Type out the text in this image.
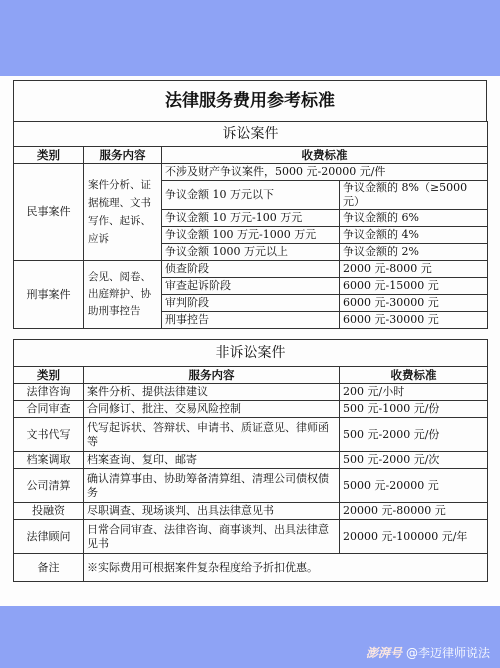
法律服务费用参考标准
诉讼案件			
类别	服务内容	收费标准	
民事案件	案件分析、证据梳理、文书写作、起诉、应诉	不涉及财产争议案件，5000 元-20000 元/件	
		争议金额 10 万元以下	争议金额的 8%（≥5000 元）
		争议金额 10 万元-100 万元	争议金额的 6%
		争议金额 100 万元-1000 万元	争议金额的 4%
		争议金额 1000 万元以上	争议金额的 2%
刑事案件	会见、阅卷、出庭辩护、协助刑事控告	侦查阶段	2000 元-8000 元
		审查起诉阶段	6000 元-15000 元
		审判阶段	6000 元-30000 元
		刑事控告	6000 元-30000 元
非诉讼案件		
类别	服务内容	收费标准
法律咨询	案件分析、提供法律建议	200 元/小时
合同审查	合同修订、批注、交易风险控制	500 元-1000 元/份
文书代写	代写起诉状、答辩状、申请书、质证意见、律师函等	500 元-2000 元/份
档案调取	档案查询、复印、邮寄	500 元-2000 元/次
公司清算	确认清算事由、协助筹备清算组、清理公司债权债务	5000 元-20000 元
投融资	尽职调查、现场谈判、出具法律意见书	20000 元-80000 元
法律顾问	日常合同审查、法律咨询、商事谈判、出具法律意见书	20000 元-100000 元/年
备注	※实际费用可根据案件复杂程度给予折扣优惠。	
澎湃号 @李迈律师说法
